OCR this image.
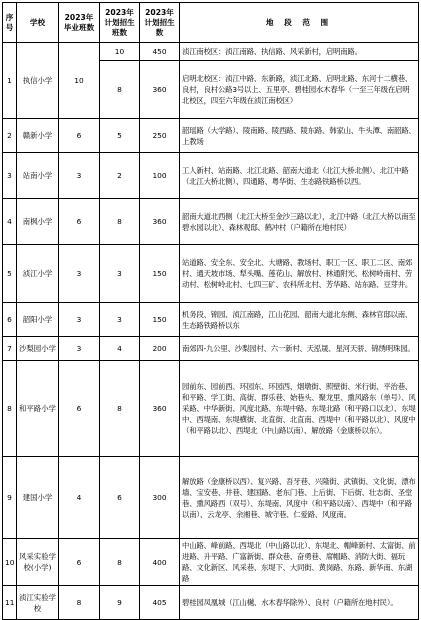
序号	学校	2023年毕业班数	2023年计划招生班数	2023年计划招生数	地 段 范 围
1	执信小学	10	10	450	浈江南校区：浈江南路、执信路、风采新村，启明南路。
			8	360	启明北校区：浈江中路、东新路，浈江北路、启明北路、东河十二横巷、良村，良村公路3号以上、五里亭、碧桂园水木春华（一至三年级在启明北校区，四至六年级在浈江南校区）
2	赣新小学	6	5	250	韶瑶路（大学路）、陵南路、陵西路、陵东路、韩家山、牛头潭、南韶路、上教场
3	站南小学	3	2	100	工人新村、站南路、北江北路、韶南大道北（北江大桥北侧）、北江中路（北江大桥北侧）、四通路、粤华街、生态路铁路桥以西。
4	南枫小学	6	8	360	韶南大道北西侧（北江大桥至金沙三路以北），北江中路（北江大桥以南至碧水园以北）、森林观邸、鹤冲村（户籍所在地村民）
5	浈江小学	3	3	150	站道路、安全东、安全北、大塘路、教场村、职工一区、职工二区、南郊村、通天坡市场、犁头嘴、莲花山、解放村、林通附光、松树岭南村、劳动村、松树岭北村、七四三矿、农科所北村、芳华路、站东路、豆芽井。
6	韶阳小学	3	3	150	机务段、锦园、浈江南路，江山花园、韶南大道北东侧、森林官邸以南、生态路铁路桥以东
7	沙梨园小学	3	4	200	南郊四-九公里、沙梨园村、六一新村、天泓晟、星河天骄、锦绣明珠园。
8	和平路小学	6	8	360	园前东、园前西、环园东、环园西、烟墩街、照壁街、米行街、平治巷、和平路、学工街、高街、群乐巷、始巷头、聚龙里、熏风路东（单号）、风采路、中华新街、风度北路、东堤中路、东堤北路（和平路口以北）、东堤中、西堤南、东堤横街、北直街、北直南、西堤中（和平路以北）、风度中（和平路以北）、西堤北（中山路以南）、解放路（金康桥以东）。
9	建国小学	4	6	300	解放路（金康桥以西）、复兴路、吾牙巷、兴隆街、武镇街、文化街、漂布墙、宝安巷、井巷、建国路、老东门巷、上后街、下后街、壮志街、圣堂巷、熏风路西（双号）、东堤南、风度中（和平路以南）、西堤中（和平路以南）、云龙亭、余湘巷、城守巷、仁爱路、风度南。
10	风采实验学校(小学)	6	8	400	中山路、峰前路、西堤北（中山路以北）、东堤北、帽峰新村、太富街、前进路、升平路、广富新街、群众巷、奋勇巷、席帽路、消防大街、福玩路、文化新区、风采巷、东堤下、大同街、黄岗路、东路、新华南、东湖路
11	浈江实验学校	8	9	405	碧桂园凤凰城（江山樾、水木春华除外）、良村（户籍所在地村民）。
